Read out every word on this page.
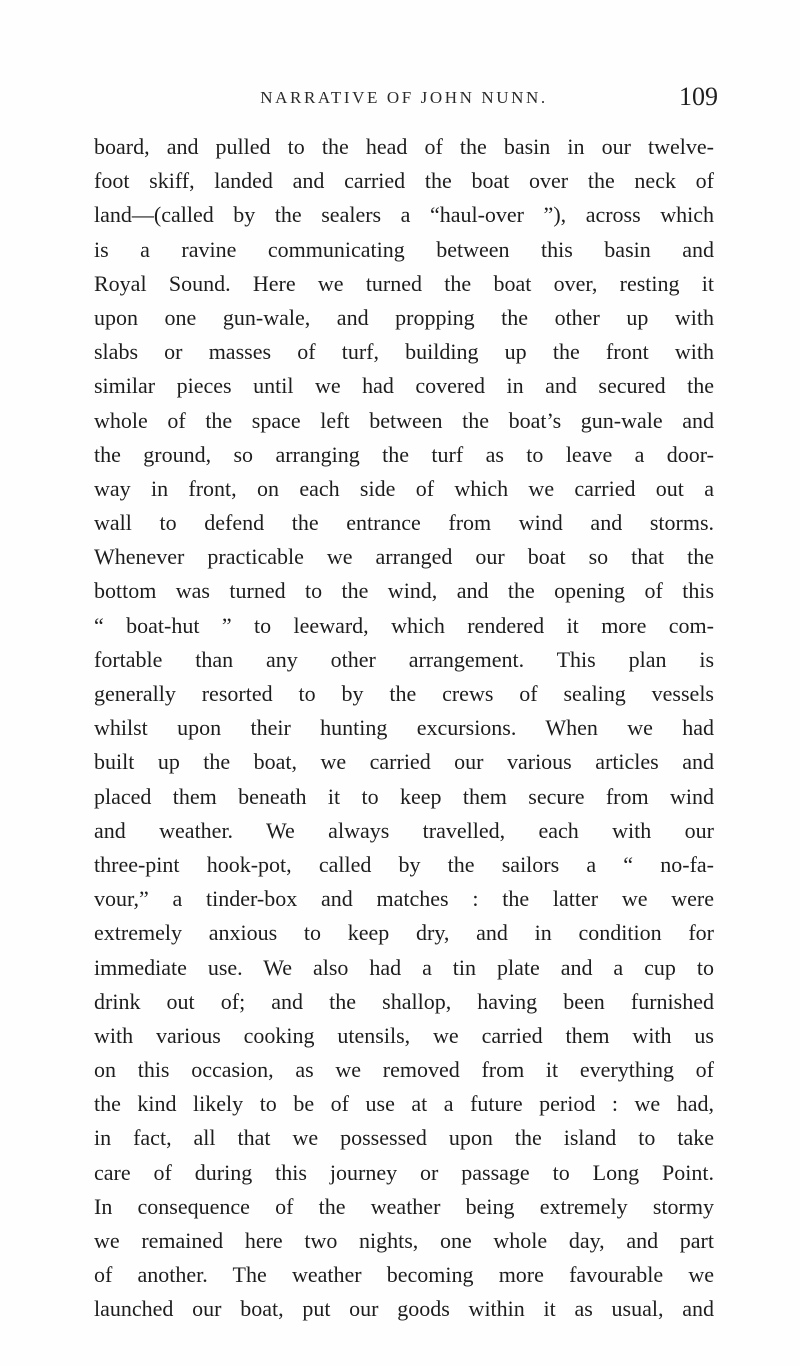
NARRATIVE OF JOHN NUNN.	109
board, and pulled to the head of the basin in our twelve-
foot skiff, landed and carried the boat over the neck of
land—(called by the sealers a “haul-over ”), across which
is a ravine communicating between this basin and
Royal Sound. Here we turned the boat over, resting it
upon one gun-wale, and propping the other up with
slabs or masses of turf, building up the front with
similar pieces until we had covered in and secured the
whole of the space left between the boat’s gun-wale and
the ground, so arranging the turf as to leave a door-
way in front, on each side of which we carried out a
wall to defend the entrance from wind and storms.
Whenever practicable we arranged our boat so that the
bottom was turned to the wind, and the opening of this
“ boat-hut ” to leeward, which rendered it more com-
fortable than any other arrangement. This plan is
generally resorted to by the crews of sealing vessels
whilst upon their hunting excursions. When we had
built up the boat, we carried our various articles and
placed them beneath it to keep them secure from wind
and weather. We always travelled, each with our
three-pint hook-pot, called by the sailors a “ no-fa-
vour,” a tinder-box and matches : the latter we were
extremely anxious to keep dry, and in condition for
immediate use. We also had a tin plate and a cup to
drink out of; and the shallop, having been furnished
with various cooking utensils, we carried them with us
on this occasion, as we removed from it everything of
the kind likely to be of use at a future period : we had,
in fact, all that we possessed upon the island to take
care of during this journey or passage to Long Point.
In consequence of the weather being extremely stormy
we remained here two nights, one whole day, and part
of another. The weather becoming more favourable we
launched our boat, put our goods within it as usual, and
